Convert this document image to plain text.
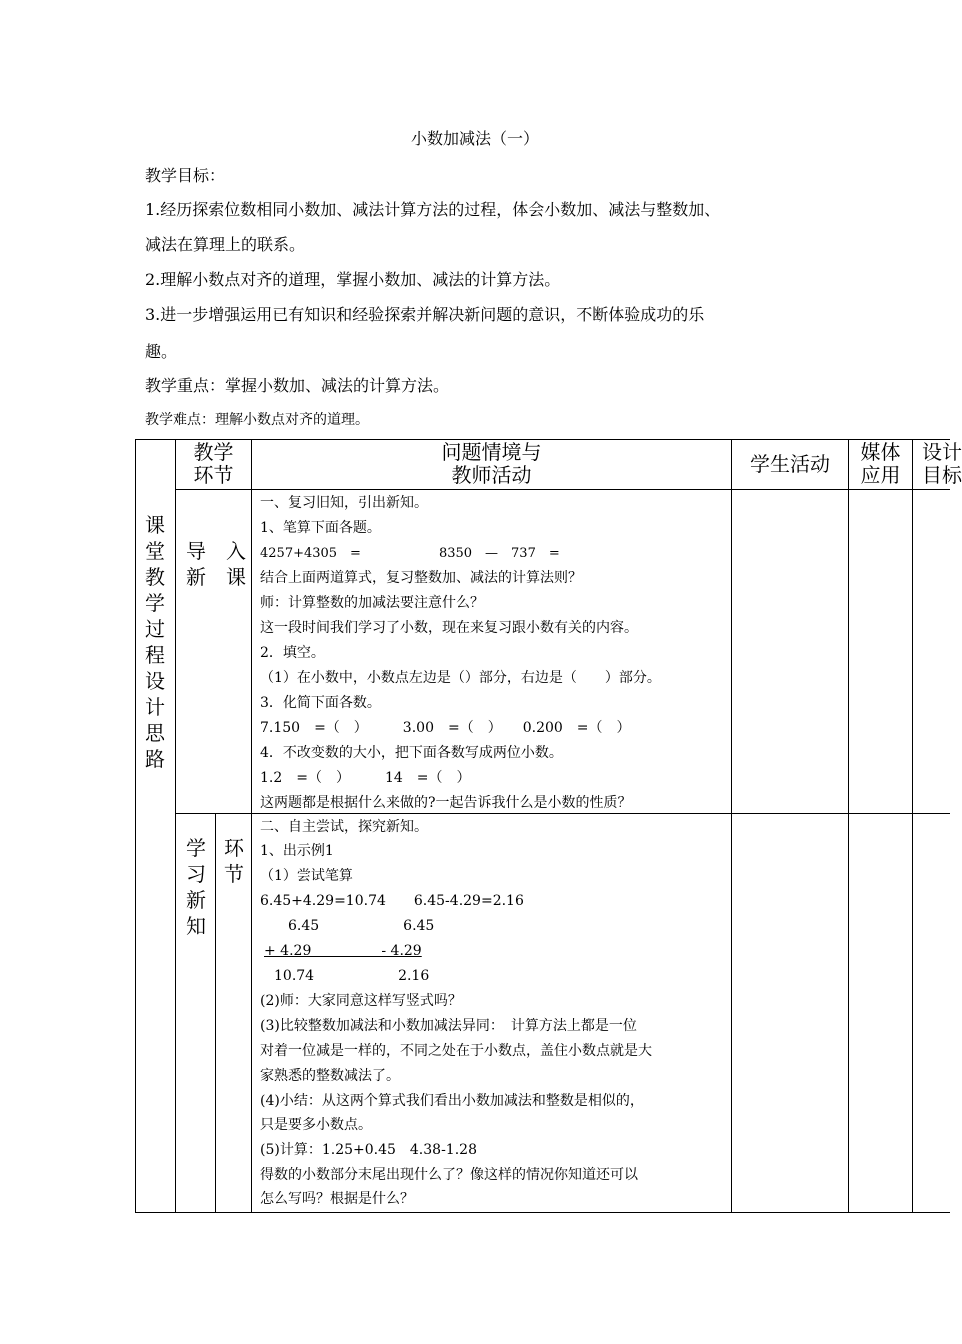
小数加减法（一）
教学目标：
1.经历探索位数相同小数加、减法计算方法的过程，体会小数加、减法与整数加、
减法在算理上的联系。
2.理解小数点对齐的道理，掌握小数加、减法的计算方法。
3.进一步增强运用已有知识和经验探索并解决新问题的意识，不断体验成功的乐
趣。
教学重点：掌握小数加、减法的计算方法。
教学难点：理解小数点对齐的道理。
教学
环节
问题情境与
教师活动	学生活动	媒体
应用
设计
目标
课
堂
教
学
过
程
设
计
思
路
导　入
新　课
一、复习旧知，引出新知。
1、笔算下面各题。
4257+4305　=　　　　　　8350　—　737　=
结合上面两道算式，复习整数加、减法的计算法则？
师：计算整数的加减法要注意什么？
这一段时间我们学习了小数，现在来复习跟小数有关的内容。
2．填空。
（1）在小数中，小数点左边是（）部分，右边是（　　）部分。
3．化简下面各数。
7.150　=（　）　　　3.00　=（　）　　0.200　=（　）
4．不改变数的大小，把下面各数写成两位小数。
1.2　=（　）　　　14　=（　）
这两题都是根据什么来做的?一起告诉我什么是小数的性质？
学
习
新
知
环
节
二、自主尝试，探究新知。
1、出示例1
（1）尝试笔算
6.45+4.29=10.74　　6.45-4.29=2.16
　　6.45　　　　　　6.45
+ 4.29　　　　　- 4.29
　10.74　　　　　　2.16
(2)师：大家同意这样写竖式吗？
(3)比较整数加减法和小数加减法异同：　计算方法上都是一位
对着一位减是一样的，不同之处在于小数点，盖住小数点就是大
家熟悉的整数减法了。
(4)小结：从这两个算式我们看出小数加减法和整数是相似的，
只是要多小数点。
(5)计算：1.25+0.45　4.38-1.28
得数的小数部分末尾出现什么了？像这样的情况你知道还可以
怎么写吗？根据是什么？
